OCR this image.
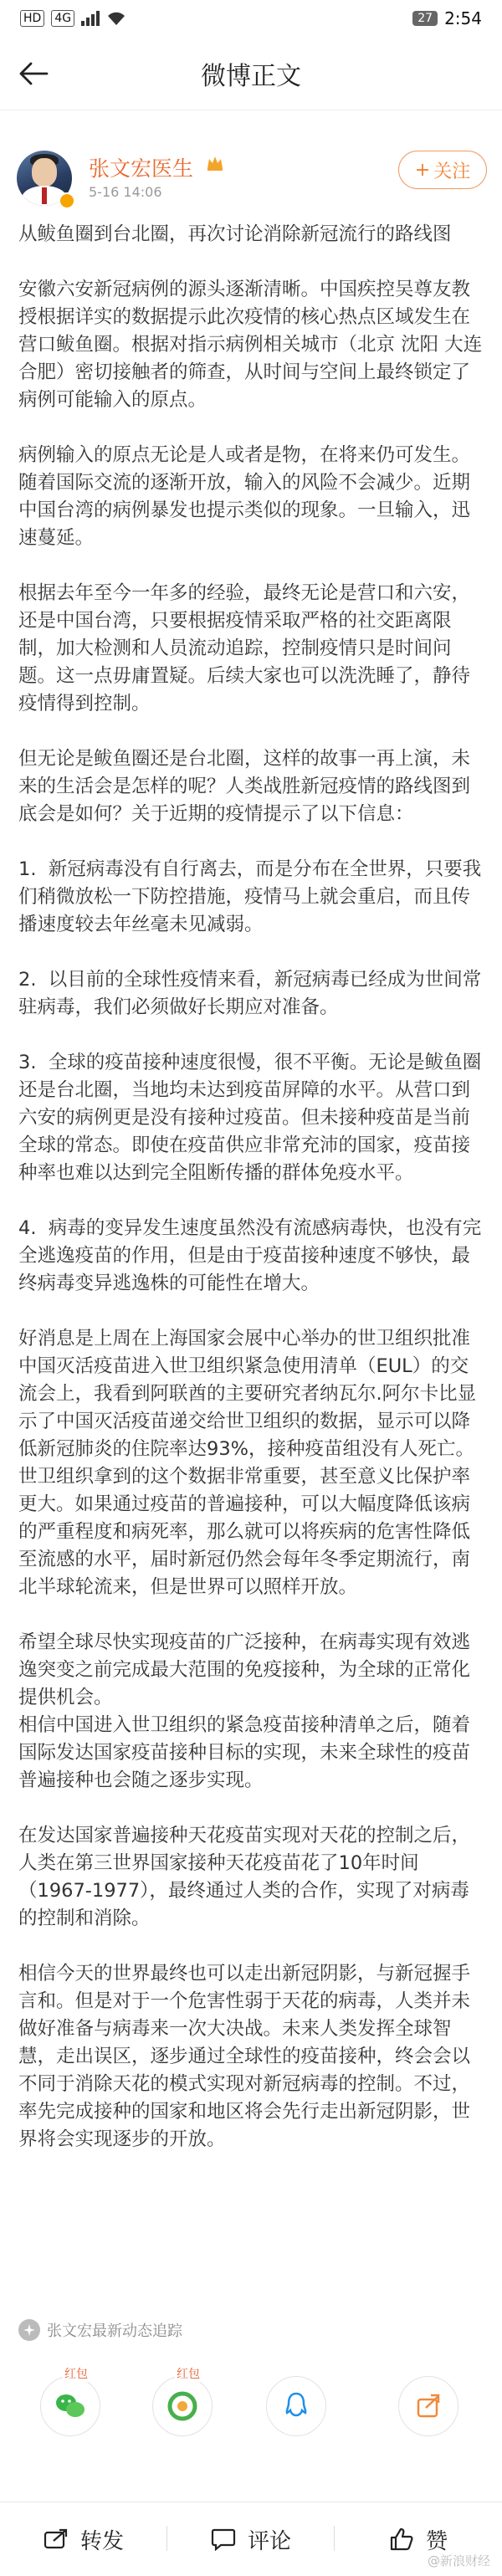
HD 4G	27 2:54
微博正文
张文宏医生
5-16 14:06
+ 关注

从鲅鱼圈到台北圈，再次讨论消除新冠流行的路线图

安徽六安新冠病例的源头逐渐清晰。中国疾控吴尊友教授根据详实的数据提示此次疫情的核心热点区域发生在营口鲅鱼圈。根据对指示病例相关城市（北京 沈阳 大连 合肥）密切接触者的筛查，从时间与空间上最终锁定了病例可能输入的原点。

病例输入的原点无论是人或者是物，在将来仍可发生。随着国际交流的逐渐开放，输入的风险不会减少。近期中国台湾的病例暴发也提示类似的现象。一旦输入，迅速蔓延。

根据去年至今一年多的经验，最终无论是营口和六安，还是中国台湾，只要根据疫情采取严格的社交距离限制，加大检测和人员流动追踪，控制疫情只是时间问题。这一点毋庸置疑。后续大家也可以洗洗睡了，静待疫情得到控制。

但无论是鲅鱼圈还是台北圈，这样的故事一再上演，未来的生活会是怎样的呢？人类战胜新冠疫情的路线图到底会是如何？关于近期的疫情提示了以下信息：

1.  新冠病毒没有自行离去，而是分布在全世界，只要我们稍微放松一下防控措施，疫情马上就会重启，而且传播速度较去年丝毫未见减弱。

2.  以目前的全球性疫情来看，新冠病毒已经成为世间常驻病毒，我们必须做好长期应对准备。

3.  全球的疫苗接种速度很慢，很不平衡。无论是鲅鱼圈还是台北圈，当地均未达到疫苗屏障的水平。从营口到六安的病例更是没有接种过疫苗。但未接种疫苗是当前全球的常态。即使在疫苗供应非常充沛的国家，疫苗接种率也难以达到完全阻断传播的群体免疫水平。

4.  病毒的变异发生速度虽然没有流感病毒快，也没有完全逃逸疫苗的作用，但是由于疫苗接种速度不够快，最终病毒变异逃逸株的可能性在增大。

好消息是上周在上海国家会展中心举办的世卫组织批准中国灭活疫苗进入世卫组织紧急使用清单（EUL）的交流会上，我看到阿联酋的主要研究者纳瓦尔.阿尔卡比显示了中国灭活疫苗递交给世卫组织的数据，显示可以降低新冠肺炎的住院率达93%，接种疫苗组没有人死亡。世卫组织拿到的这个数据非常重要，甚至意义比保护率更大。如果通过疫苗的普遍接种，可以大幅度降低该病的严重程度和病死率，那么就可以将疾病的危害性降低至流感的水平，届时新冠仍然会每年冬季定期流行，南北半球轮流来，但是世界可以照样开放。

希望全球尽快实现疫苗的广泛接种，在病毒实现有效逃逸突变之前完成最大范围的免疫接种，为全球的正常化提供机会。

相信中国进入世卫组织的紧急疫苗接种清单之后，随着国际发达国家疫苗接种目标的实现，未来全球性的疫苗普遍接种也会随之逐步实现。

在发达国家普遍接种天花疫苗实现对天花的控制之后，人类在第三世界国家接种天花疫苗花了10年时间（1967-1977），最终通过人类的合作，实现了对病毒的控制和消除。

相信今天的世界最终也可以走出新冠阴影，与新冠握手言和。但是对于一个危害性弱于天花的病毒，人类并未做好准备与病毒来一次大决战。未来人类发挥全球智慧，走出误区，逐步通过全球性的疫苗接种，终会会以不同于消除天花的模式实现对新冠病毒的控制。不过，率先完成接种的国家和地区将会先行走出新冠阴影，世界将会实现逐步的开放。

张文宏最新动态追踪
红包	红包
转发	评论	赞
@新浪财经
